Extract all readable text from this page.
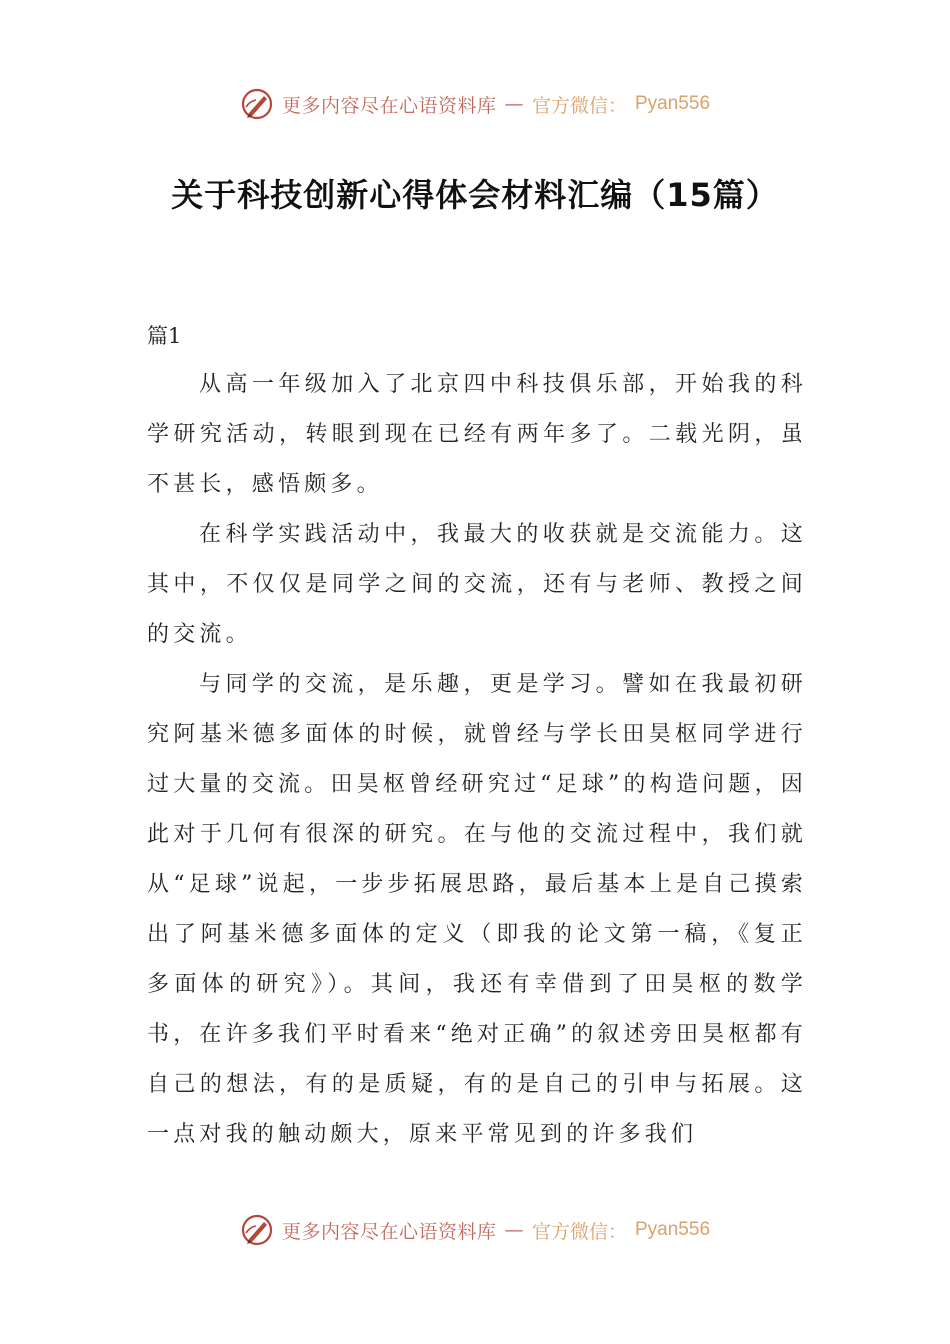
更多内容尽在心语资料库 — 官方微信： Pyan556
关于科技创新心得体会材料汇编（15篇）
篇1

从高一年级加入了北京四中科技俱乐部，开始我的科学研究活动，转眼到现在已经有两年多了。二载光阴，虽不甚长，感悟颇多。

在科学实践活动中，我最大的收获就是交流能力。这其中，不仅仅是同学之间的交流，还有与老师、教授之间的交流。

与同学的交流，是乐趣，更是学习。譬如在我最初研究阿基米德多面体的时候，就曾经与学长田昊枢同学进行过大量的交流。田昊枢曾经研究过“足球”的构造问题，因此对于几何有很深的研究。在与他的交流过程中，我们就从“足球”说起，一步步拓展思路，最后基本上是自己摸索出了阿基米德多面体的定义（即我的论文第一稿，《复正多面体的研究》）。其间，我还有幸借到了田昊枢的数学书，在许多我们平时看来“绝对正确”的叙述旁田昊枢都有自己的想法，有的是质疑，有的是自己的引申与拓展。这一点对我的触动颇大，原来平常见到的许多我们

更多内容尽在心语资料库 — 官方微信： Pyan556
